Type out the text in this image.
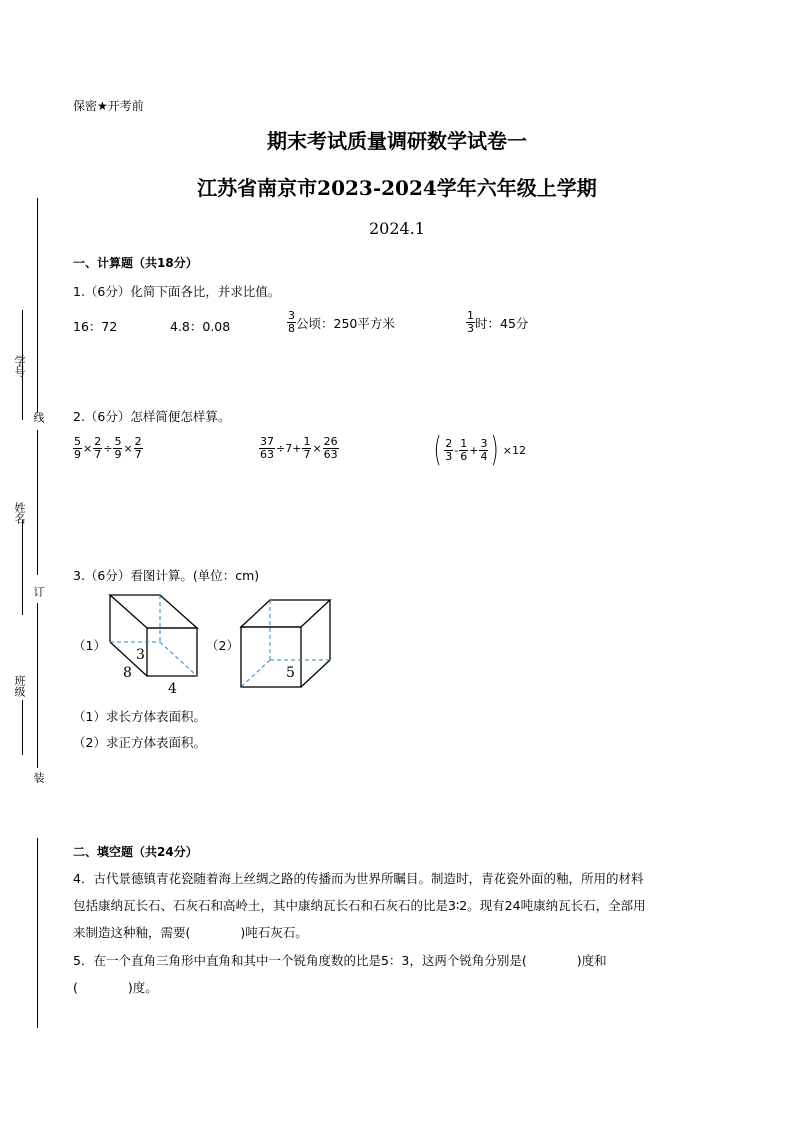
学号
线
姓名
订
班级
装
保密★开考前
期末考试质量调研数学试卷一
江苏省南京市2023-2024学年六年级上学期
2024.1
一、计算题（共18分）
1.（6分）化简下面各比，并求比值。
16：72	4.8：0.08	$\frac{3}{8}$ 公顷：250平方米	$\frac{1}{3}$ 时：45分
2.（6分）怎样简便怎样算。
$\frac{5}{9} \times \frac{2}{7} \div \frac{5}{9} \times \frac{2}{7}$	$\frac{37}{63} \div 7+ \frac{1}{7} \times \frac{26}{63}$	( $\frac{2}{3} - \frac{1}{6} + \frac{3}{4}$ ) ×12
3.（6分）看图计算。(单位：cm)
（1）
3
8
4
（2）
5
（1）求长方体表面积。
（2）求正方体表面积。
二、填空题（共24分）
4．古代景德镇青花瓷随着海上丝绸之路的传播而为世界所瞩目。制造时，青花瓷外面的釉，所用的材料
包括康纳瓦长石、石灰石和高岭土，其中康纳瓦长石和石灰石的比是3∶2。现有24吨康纳瓦长石，全部用
来制造这种釉，需要(　　　　)吨石灰石。
5．在一个直角三角形中直角和其中一个锐角度数的比是5：3，这两个锐角分别是(　　　　)度和
(　　　　)度。
